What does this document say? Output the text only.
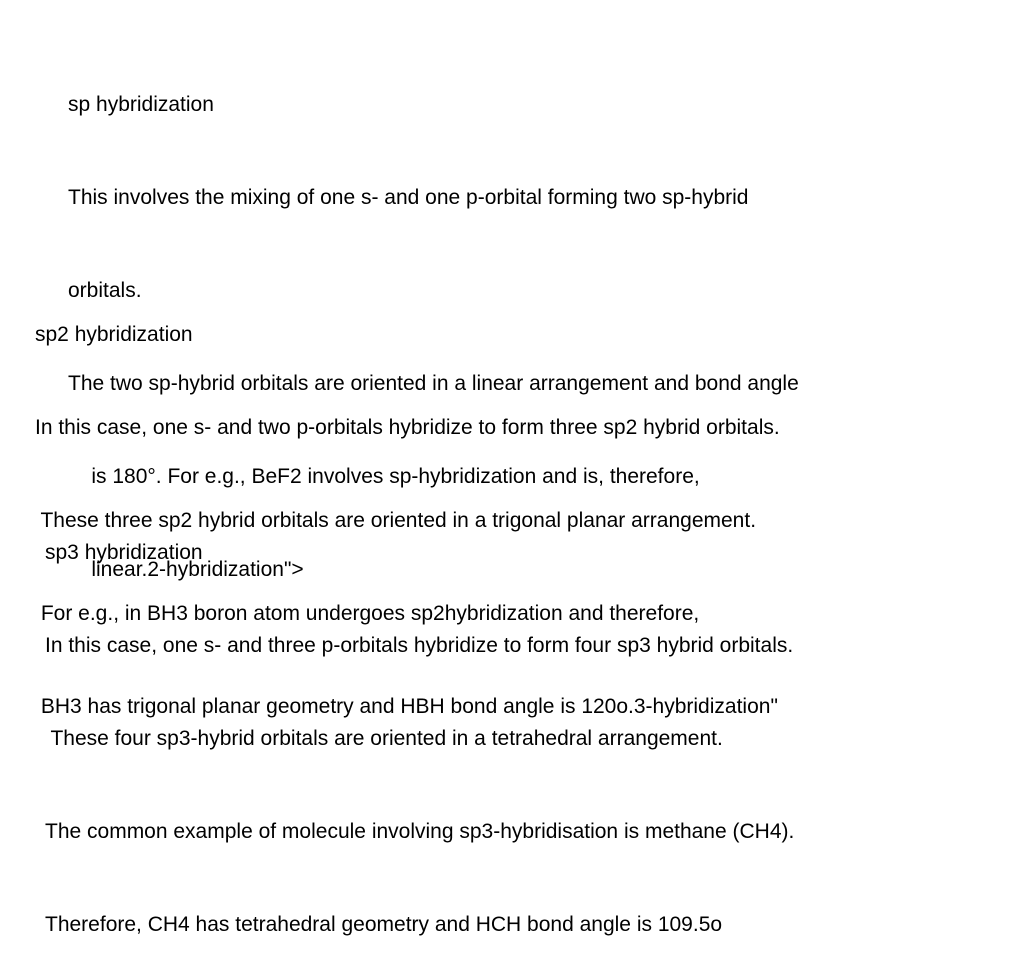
sp hybridization

This involves the mixing of one s- and one p-orbital forming two sp-hybrid

orbitals.

The two sp-hybrid orbitals are oriented in a linear arrangement and bond angle

is 180°. For e.g., BeF2 involves sp-hybridization and is, therefore,

linear.2-hybridization">

sp2 hybridization

In this case, one s- and two p-orbitals hybridize to form three sp2 hybrid orbitals.

These three sp2 hybrid orbitals are oriented in a trigonal planar arrangement.

For e.g., in BH3 boron atom undergoes sp2hybridization and therefore,

BH3 has trigonal planar geometry and HBH bond angle is 120o.3-hybridization"

sp3 hybridization

In this case, one s- and three p-orbitals hybridize to form four sp3 hybrid orbitals.

These four sp3-hybrid orbitals are oriented in a tetrahedral arrangement.

The common example of molecule involving sp3-hybridisation is methane (CH4).

Therefore, CH4 has tetrahedral geometry and HCH bond angle is 109.5o
